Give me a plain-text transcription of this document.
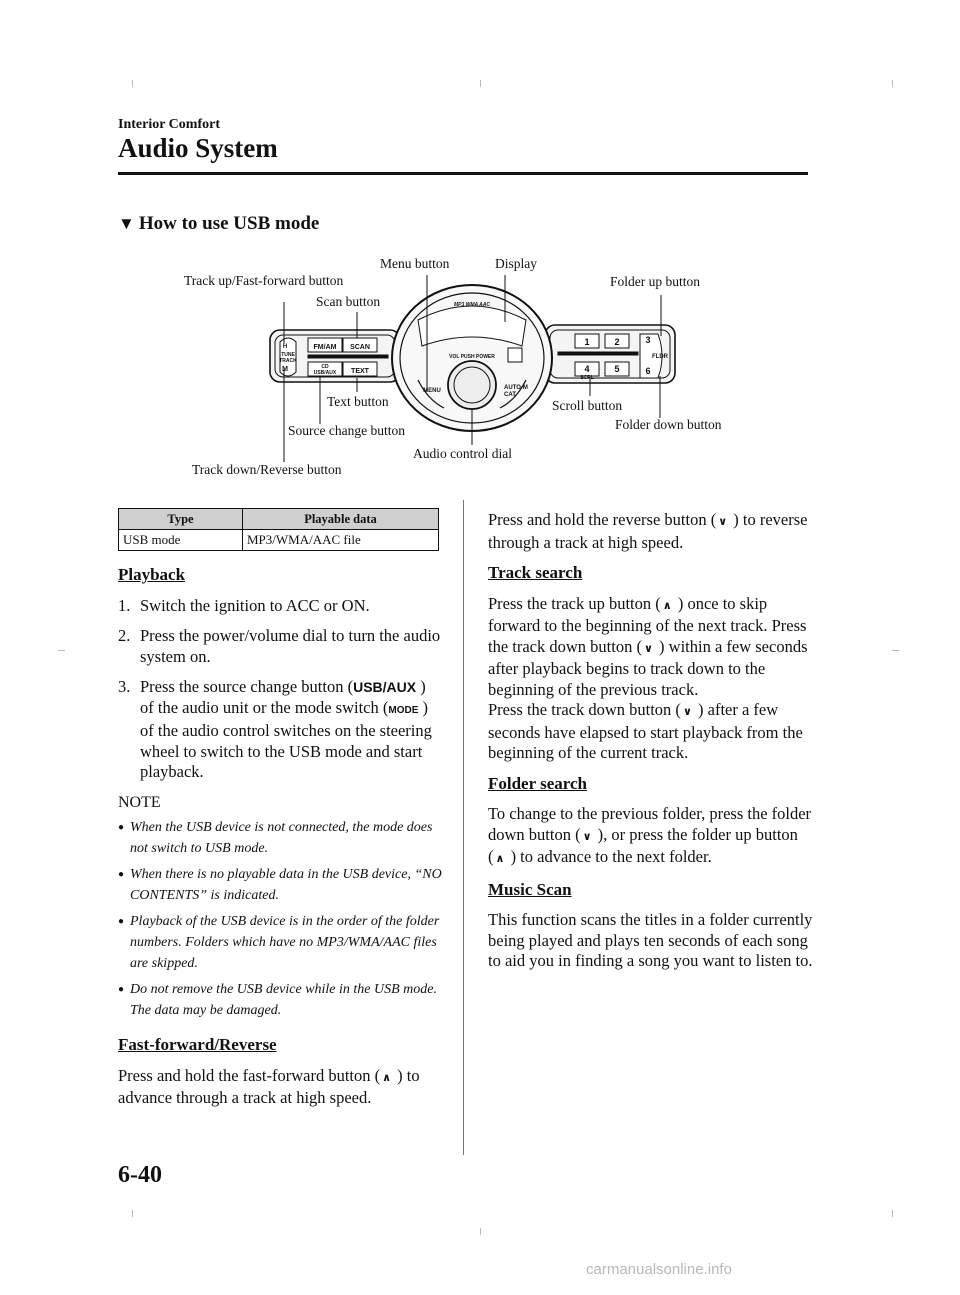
Interior Comfort
Audio System
▼ How to use USB mode
FM/AM SCAN
CD
USB/AUX TEXT
H
TUNE
TRACK
M
1	2	3
4
SCRL
5
FLDR
6
MENU	AUTO-M
CAT
VOL PUSH POWER
MP3 WMA AAC
Menu button	Display
Track up/Fast-forward button	Folder up button
Scan button
Text button	Scroll button
Folder down button
Source change button
Audio control dial
Track down/Reverse button
Type	Playable data
USB mode	MP3/WMA/AAC file
Playback
1. Switch the ignition to ACC or ON.
2. Press the power/volume dial to turn the audio system on.
3. Press the source change button (USB/AUX ) of the audio unit or the mode switch (MODE ) of the audio control switches on the steering wheel to switch to the USB mode and start playback.
NOTE
● When the USB device is not connected, the mode does not switch to USB mode.
● When there is no playable data in the USB device, “NO CONTENTS” is indicated.
● Playback of the USB device is in the order of the folder numbers. Folders which have no MP3/WMA/AAC files are skipped.
● Do not remove the USB device while in the USB mode. The data may be damaged.
Fast-forward/Reverse
Press and hold the fast-forward button ( ∧ ) to advance through a track at high speed.
Press and hold the reverse button ( ∨ ) to reverse through a track at high speed.
Track search
Press the track up button ( ∧ ) once to skip forward to the beginning of the next track. Press the track down button ( ∨ ) within a few seconds after playback begins to track down to the beginning of the previous track.
Press the track down button ( ∨ ) after a few seconds have elapsed to start playback from the beginning of the current track.
Folder search
To change to the previous folder, press the folder down button ( ∨ ), or press the folder up button ( ∧ ) to advance to the next folder.
Music Scan
This function scans the titles in a folder currently being played and plays ten seconds of each song to aid you in finding a song you want to listen to.
6-40
carmanualsonline.info
